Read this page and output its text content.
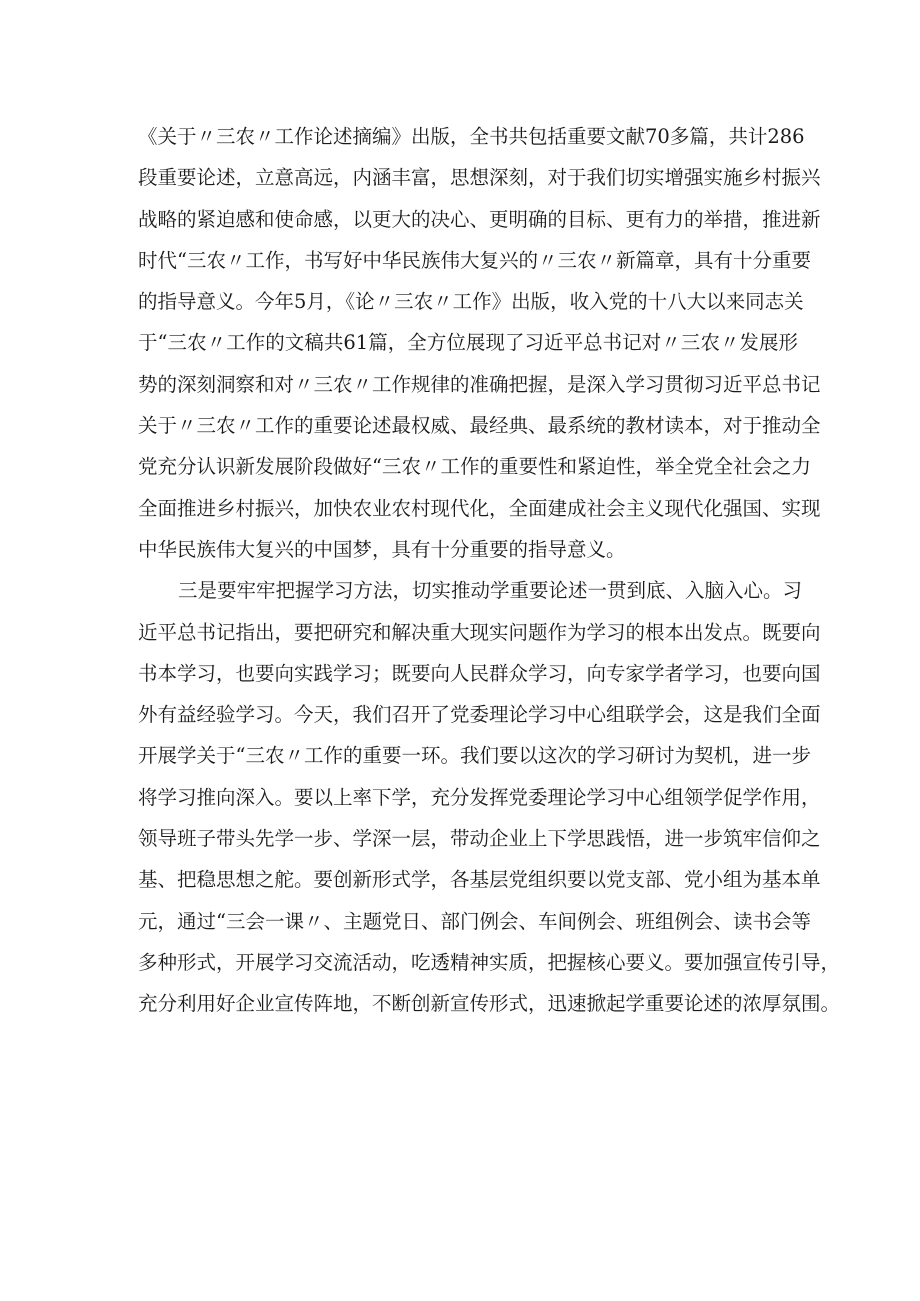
《关于〃三农〃工作论述摘编》出版，全书共包括重要文献70多篇，共计286
段重要论述，立意高远，内涵丰富，思想深刻，对于我们切实增强实施乡村振兴
战略的紧迫感和使命感，以更大的决心、更明确的目标、更有力的举措，推进新
时代“三农〃工作，书写好中华民族伟大复兴的〃三农〃新篇章，具有十分重要
的指导意义。今年5月，《论〃三农〃工作》出版，收入党的十八大以来同志关
于“三农〃工作的文稿共61篇，全方位展现了习近平总书记对〃三农〃发展形
势的深刻洞察和对〃三农〃工作规律的准确把握，是深入学习贯彻习近平总书记
关于〃三农〃工作的重要论述最权威、最经典、最系统的教材读本，对于推动全
党充分认识新发展阶段做好“三农〃工作的重要性和紧迫性，举全党全社会之力
全面推进乡村振兴，加快农业农村现代化，全面建成社会主义现代化强国、实现
中华民族伟大复兴的中国梦，具有十分重要的指导意义。
三是要牢牢把握学习方法，切实推动学重要论述一贯到底、入脑入心。习
近平总书记指出，要把研究和解决重大现实问题作为学习的根本出发点。既要向
书本学习，也要向实践学习；既要向人民群众学习，向专家学者学习，也要向国
外有益经验学习。今天，我们召开了党委理论学习中心组联学会，这是我们全面
开展学关于“三农〃工作的重要一环。我们要以这次的学习研讨为契机，进一步
将学习推向深入。要以上率下学，充分发挥党委理论学习中心组领学促学作用，
领导班子带头先学一步、学深一层，带动企业上下学思践悟，进一步筑牢信仰之
基、把稳思想之舵。要创新形式学，各基层党组织要以党支部、党小组为基本单
元，通过“三会一课〃、主题党日、部门例会、车间例会、班组例会、读书会等
多种形式，开展学习交流活动，吃透精神实质，把握核心要义。要加强宣传引导，
充分利用好企业宣传阵地，不断创新宣传形式，迅速掀起学重要论述的浓厚氛围。
